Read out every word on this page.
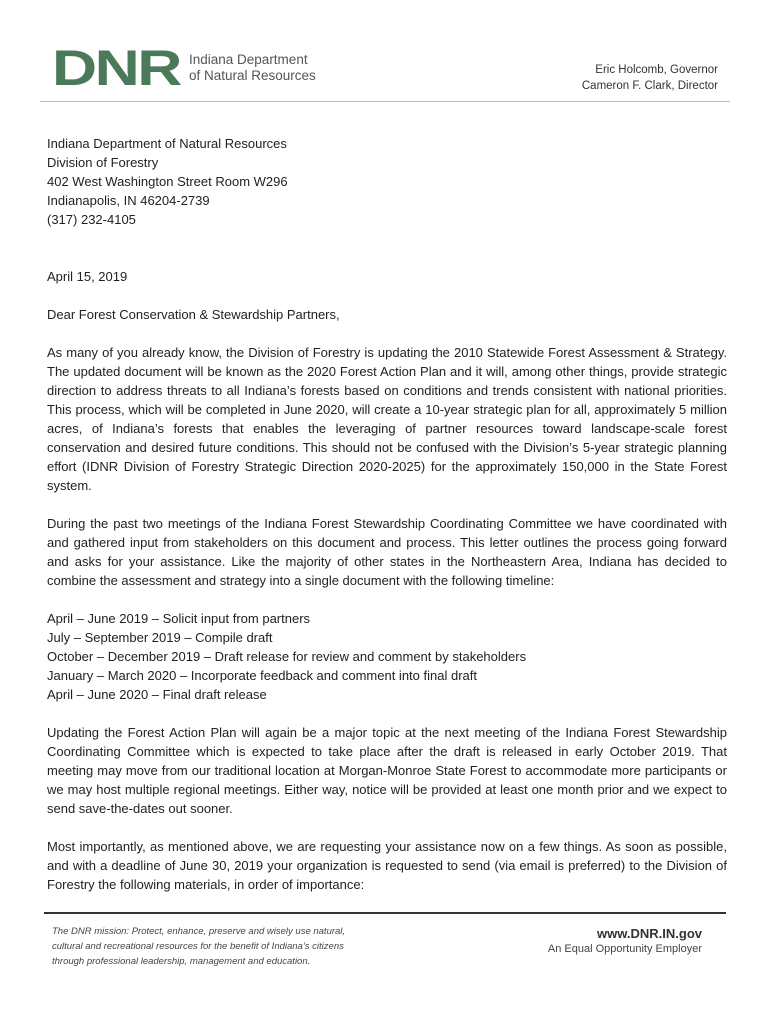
DNR Indiana Department
of Natural Resources	Eric Holcomb, Governor
Cameron F. Clark, Director

Indiana Department of Natural Resources
Division of Forestry
402 West Washington Street Room W296
Indianapolis, IN 46204-2739
(317) 232-4105

April 15, 2019

Dear Forest Conservation & Stewardship Partners,

As many of you already know, the Division of Forestry is updating the 2010 Statewide Forest Assessment & Strategy. The updated document will be known as the 2020 Forest Action Plan and it will, among other things, provide strategic direction to address threats to all Indiana’s forests based on conditions and trends consistent with national priorities. This process, which will be completed in June 2020, will create a 10-year strategic plan for all, approximately 5 million acres, of Indiana’s forests that enables the leveraging of partner resources toward landscape-scale forest conservation and desired future conditions. This should not be confused with the Division’s 5-year strategic planning effort (IDNR Division of Forestry Strategic Direction 2020-2025) for the approximately 150,000 in the State Forest system.

During the past two meetings of the Indiana Forest Stewardship Coordinating Committee we have coordinated with and gathered input from stakeholders on this document and process. This letter outlines the process going forward and asks for your assistance. Like the majority of other states in the Northeastern Area, Indiana has decided to combine the assessment and strategy into a single document with the following timeline:

April – June 2019 – Solicit input from partners
July – September 2019 – Compile draft
October – December 2019 – Draft release for review and comment by stakeholders
January – March 2020 – Incorporate feedback and comment into final draft
April – June 2020 – Final draft release

Updating the Forest Action Plan will again be a major topic at the next meeting of the Indiana Forest Stewardship Coordinating Committee which is expected to take place after the draft is released in early October 2019. That meeting may move from our traditional location at Morgan-Monroe State Forest to accommodate more participants or we may host multiple regional meetings. Either way, notice will be provided at least one month prior and we expect to send save-the-dates out sooner.

Most importantly, as mentioned above, we are requesting your assistance now on a few things. As soon as possible, and with a deadline of June 30, 2019 your organization is requested to send (via email is preferred) to the Division of Forestry the following materials, in order of importance:

The DNR mission: Protect, enhance, preserve and wisely use natural,
cultural and recreational resources for the benefit of Indiana’s citizens
through professional leadership, management and education.
www.DNR.IN.gov
An Equal Opportunity Employer
